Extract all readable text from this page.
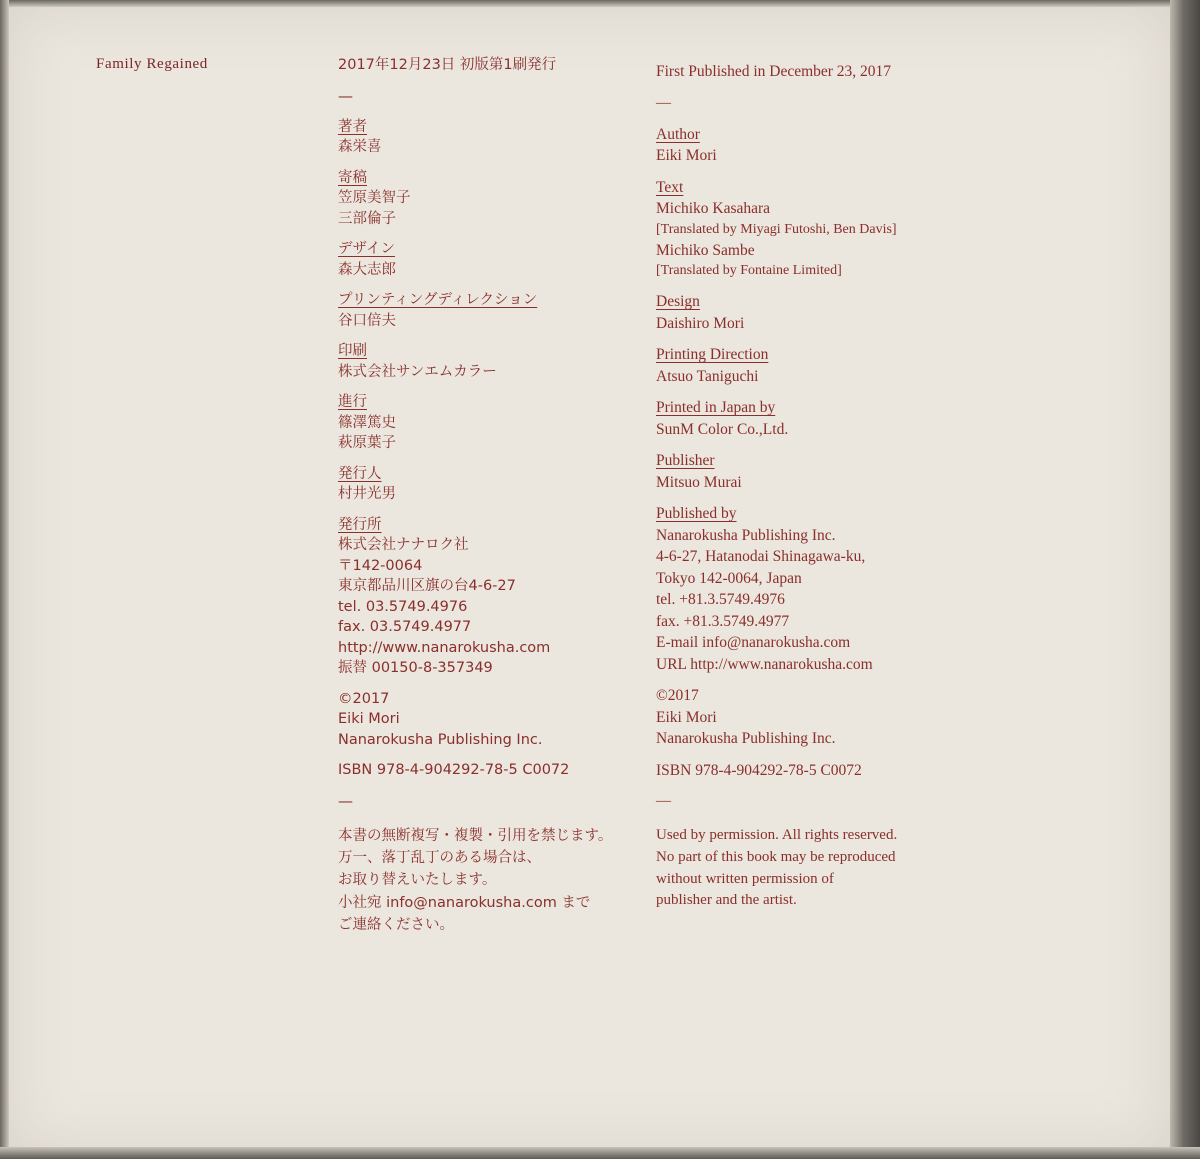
Family Regained	2017年12月23日 初版第1刷発行
—
著者
森栄喜
寄稿
笠原美智子
三部倫子
デザイン
森大志郎
プリンティングディレクション
谷口倍夫
印刷
株式会社サンエムカラー
進行
篠澤篤史
萩原葉子
発行人
村井光男
発行所
株式会社ナナロク社
〒142-0064
東京都品川区旗の台4-6-27
tel. 03.5749.4976
fax. 03.5749.4977
http://www.nanarokusha.com
振替 00150-8-357349
©2017
Eiki Mori
Nanarokusha Publishing Inc.
ISBN 978-4-904292-78-5 C0072
—
本書の無断複写・複製・引用を禁じます。
万一、落丁乱丁のある場合は、
お取り替えいたします。
小社宛 info@nanarokusha.com まで
ご連絡ください。
First Published in December 23, 2017
—
Author
Eiki Mori
Text
Michiko Kasahara
[Translated by Miyagi Futoshi, Ben Davis]
Michiko Sambe
[Translated by Fontaine Limited]
Design
Daishiro Mori
Printing Direction
Atsuo Taniguchi
Printed in Japan by
SunM Color Co.,Ltd.
Publisher
Mitsuo Murai
Published by
Nanarokusha Publishing Inc.
4-6-27, Hatanodai Shinagawa-ku,
Tokyo 142-0064, Japan
tel. +81.3.5749.4976
fax. +81.3.5749.4977
E-mail info@nanarokusha.com
URL http://www.nanarokusha.com
©2017
Eiki Mori
Nanarokusha Publishing Inc.
ISBN 978-4-904292-78-5 C0072
—
Used by permission. All rights reserved.
No part of this book may be reproduced
without written permission of
publisher and the artist.
